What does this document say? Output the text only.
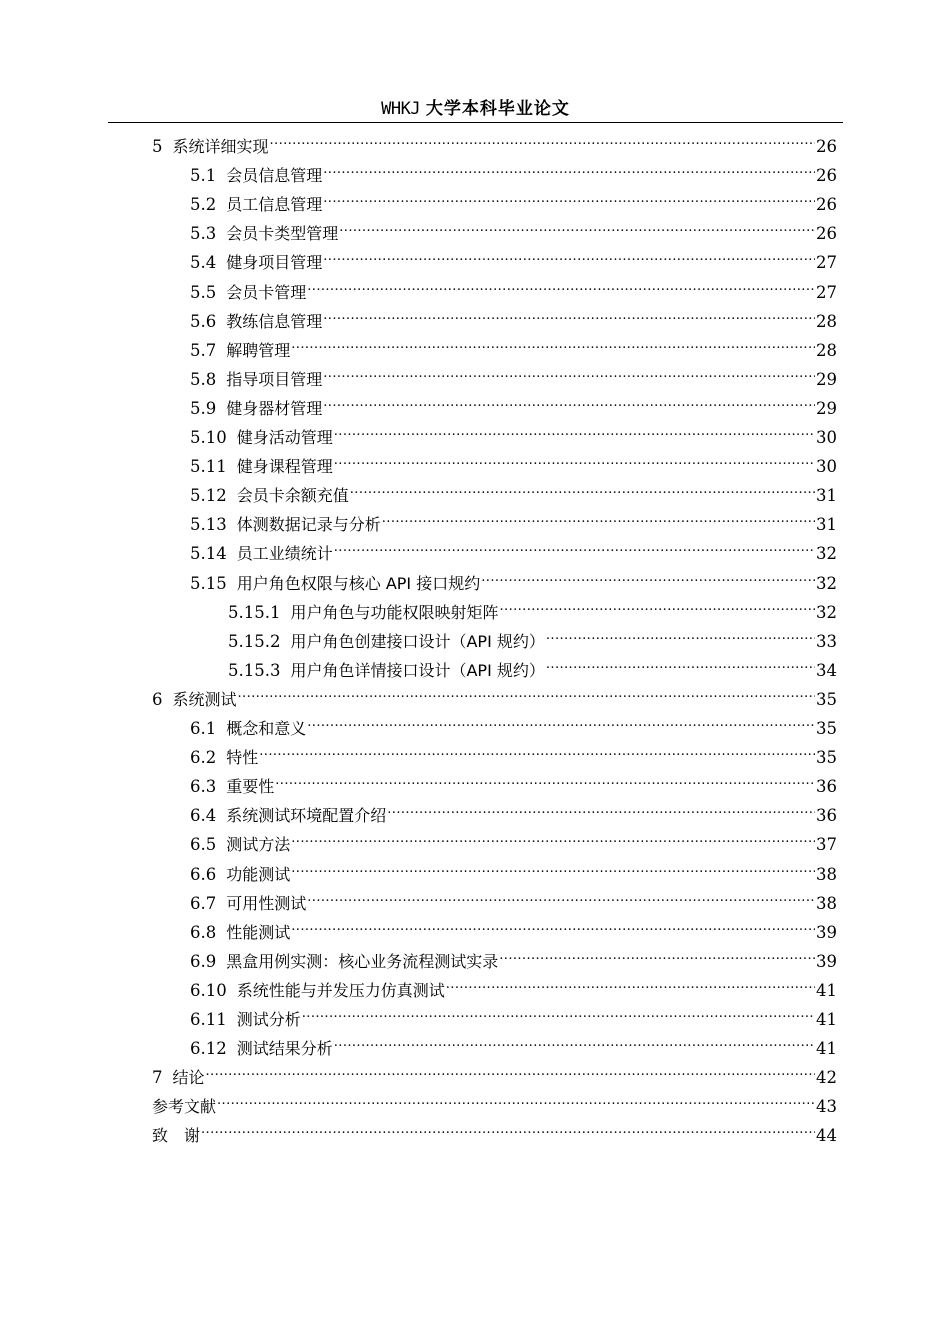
WHKJ 大学本科毕业论文
5 系统详细实现 .....	26
5.1 会员信息管理 .....	26
5.2 员工信息管理 .....	26
5.3 会员卡类型管理 .....	26
5.4 健身项目管理 .....	27
5.5 会员卡管理 .....	27
5.6 教练信息管理 .....	28
5.7 解聘管理 .....	28
5.8 指导项目管理 .....	29
5.9 健身器材管理 .....	29
5.10 健身活动管理 .....	30
5.11 健身课程管理 .....	30
5.12 会员卡余额充值 .....	31
5.13 体测数据记录与分析 .....	31
5.14 员工业绩统计 .....	32
5.15 用户角色权限与核心 API 接口规约 .....	32
5.15.1 用户角色与功能权限映射矩阵 .....	32
5.15.2 用户角色创建接口设计（API 规约） .....	33
5.15.3 用户角色详情接口设计（API 规约） .....	34
6 系统测试 .....	35
6.1 概念和意义 .....	35
6.2 特性 .....	35
6.3 重要性 .....	36
6.4 系统测试环境配置介绍 .....	36
6.5 测试方法 .....	37
6.6 功能测试 .....	38
6.7 可用性测试 .....	38
6.8 性能测试 .....	39
6.9 黑盒用例实测：核心业务流程测试实录 .....	39
6.10 系统性能与并发压力仿真测试 .....	41
6.11 测试分析 .....	41
6.12 测试结果分析 .....	41
7 结论 .....	42
参考文献 .....	43
致　谢 .....	44
